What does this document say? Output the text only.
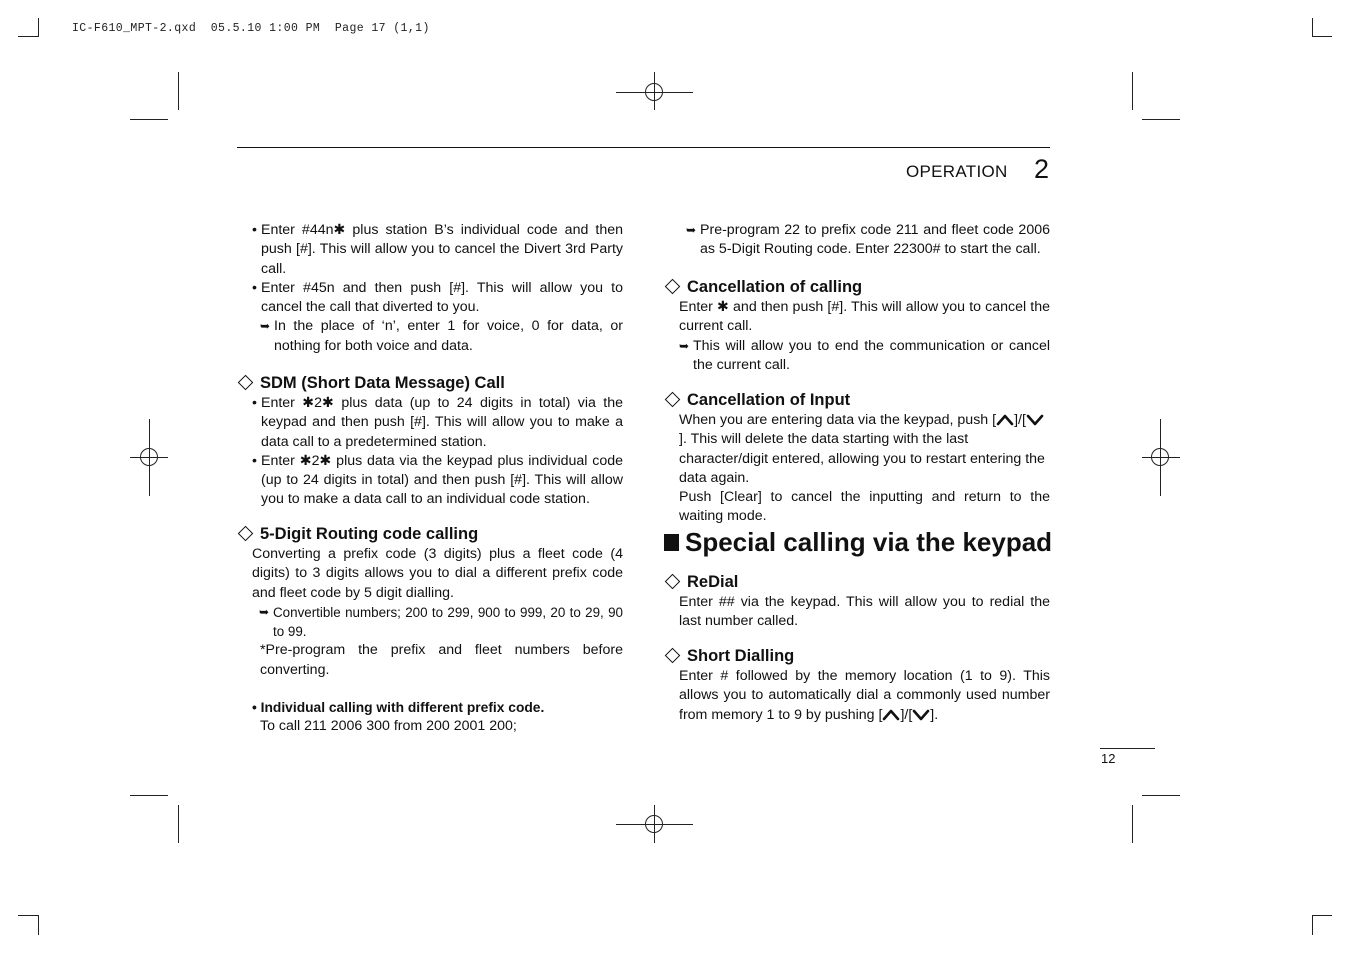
IC-F610_MPT-2.qxd  05.5.10 1:00 PM  Page 17 (1,1)
OPERATION 2
• Enter #44n✱ plus station B’s individual code and then push [#]. This will allow you to cancel the Divert 3rd Party call.

• Enter #45n and then push [#]. This will allow you to cancel the call that diverted to you.

➥ In the place of ‘n’, enter 1 for voice, 0 for data, or nothing for both voice and data.

SDM (Short Data Message) Call

• Enter ✱2✱ plus data (up to 24 digits in total) via the keypad and then push [#]. This will allow you to make a data call to a predetermined station.

• Enter ✱2✱ plus data via the keypad plus individual code (up to 24 digits in total) and then push [#]. This will allow you to make a data call to an individual code station.

5-Digit Routing code calling

Converting a prefix code (3 digits) plus a fleet code (4 digits) to 3 digits allows you to dial a different prefix code and fleet code by 5 digit dialling.

➥ Convertible numbers; 200 to 299, 900 to 999, 20 to 29, 90 to 99.

*Pre-program the prefix and fleet numbers before converting.

• Individual calling with different prefix code.

To call 211 2006 300 from 200 2001 200;

➥ Pre-program 22 to prefix code 211 and fleet code 2006 as 5-Digit Routing code. Enter 22300# to start the call.

Cancellation of calling

Enter ✱ and then push [#]. This will allow you to cancel the current call.

➥ This will allow you to end the communication or cancel the current call.

Cancellation of Input

When you are entering data via the keypad, push [ ]/[]. This will delete the data starting with the last character/digit entered, allowing you to restart entering the data again.

Push [Clear] to cancel the inputting and return to the waiting mode.

Special calling via the keypad

ReDial

Enter ## via the keypad. This will allow you to redial the last number called.

Short Dialling

Enter # followed by the memory location (1 to 9). This allows you to automatically dial a commonly used number from memory 1 to 9 by pushing [ ]/[ ].

12
